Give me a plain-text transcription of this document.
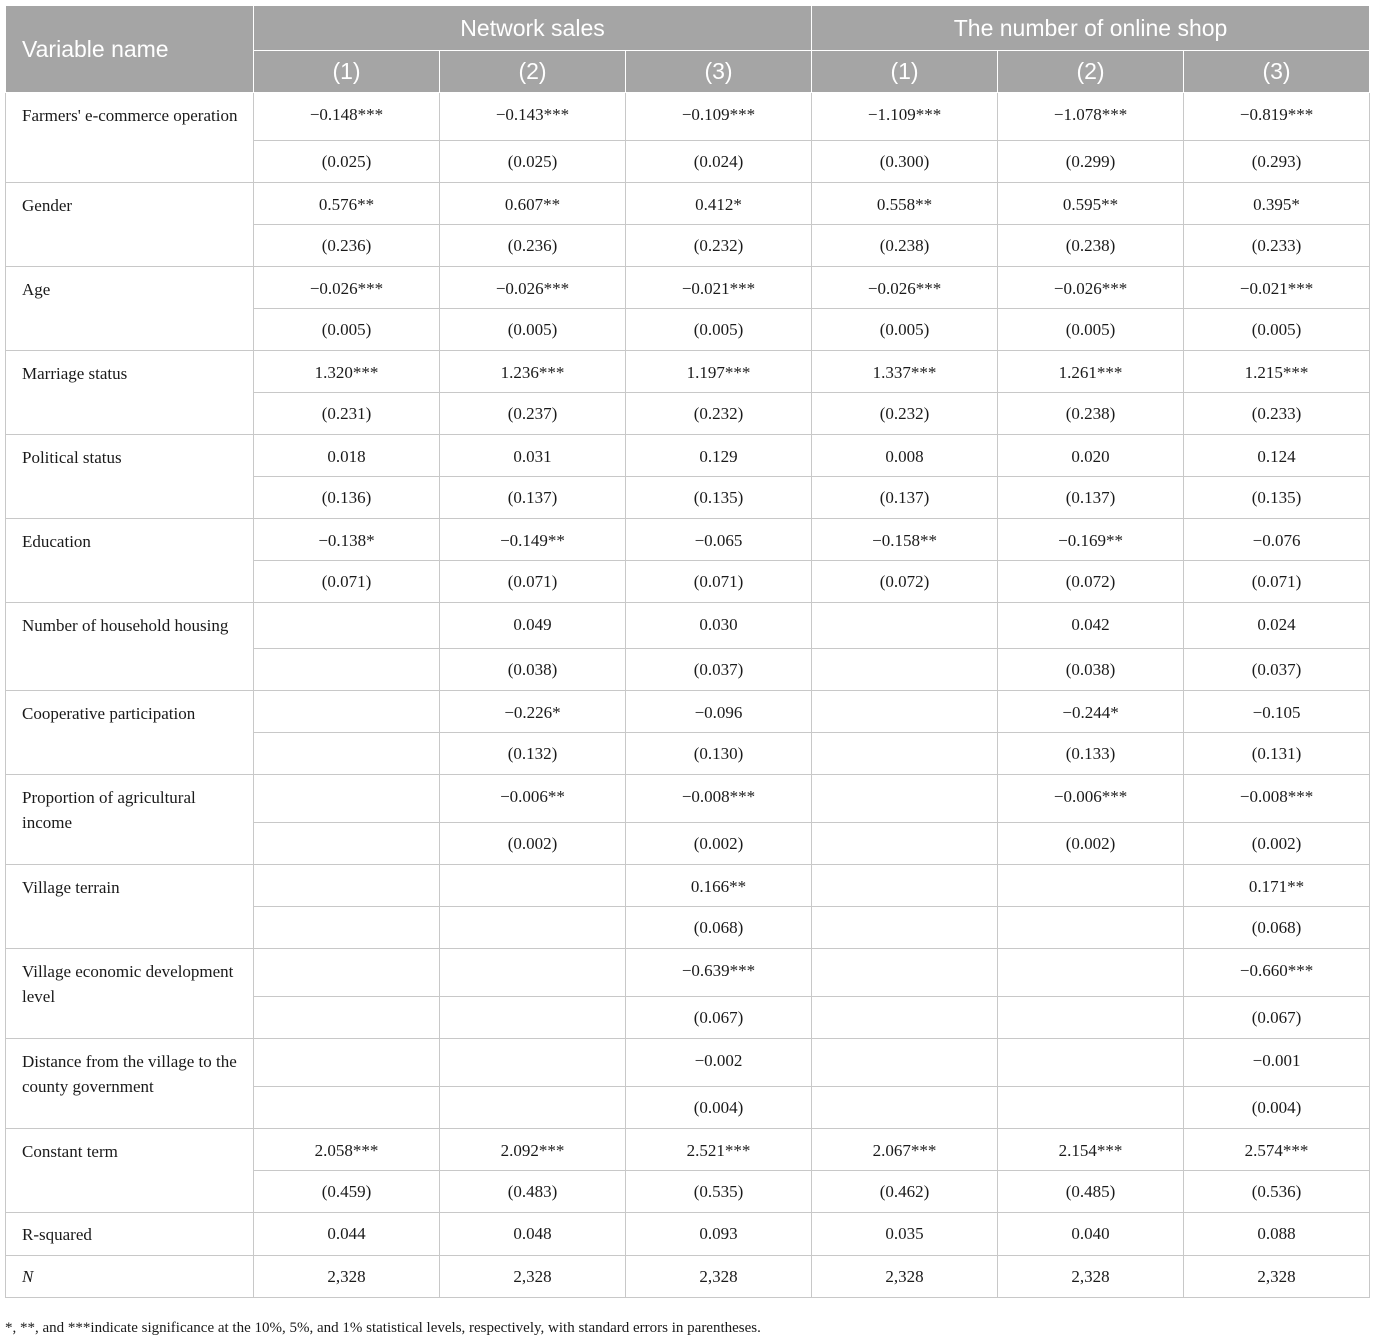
Variable name	Network sales			The number of online shop		
	(1)	(2)	(3)	(1)	(2)	(3)
Farmers' e-commerce operation	−0.148***	−0.143***	−0.109***	−1.109***	−1.078***	−0.819***
	(0.025)	(0.025)	(0.024)	(0.300)	(0.299)	(0.293)
Gender	0.576**	0.607**	0.412*	0.558**	0.595**	0.395*
	(0.236)	(0.236)	(0.232)	(0.238)	(0.238)	(0.233)
Age	−0.026***	−0.026***	−0.021***	−0.026***	−0.026***	−0.021***
	(0.005)	(0.005)	(0.005)	(0.005)	(0.005)	(0.005)
Marriage status	1.320***	1.236***	1.197***	1.337***	1.261***	1.215***
	(0.231)	(0.237)	(0.232)	(0.232)	(0.238)	(0.233)
Political status	0.018	0.031	0.129	0.008	0.020	0.124
	(0.136)	(0.137)	(0.135)	(0.137)	(0.137)	(0.135)
Education	−0.138*	−0.149**	−0.065	−0.158**	−0.169**	−0.076
	(0.071)	(0.071)	(0.071)	(0.072)	(0.072)	(0.071)
Number of household housing		0.049	0.030		0.042	0.024
		(0.038)	(0.037)		(0.038)	(0.037)
Cooperative participation		−0.226*	−0.096		−0.244*	−0.105
		(0.132)	(0.130)		(0.133)	(0.131)
Proportion of agricultural income		−0.006**	−0.008***		−0.006***	−0.008***
		(0.002)	(0.002)		(0.002)	(0.002)
Village terrain			0.166**			0.171**
			(0.068)			(0.068)
Village economic development level			−0.639***			−0.660***
			(0.067)			(0.067)
Distance from the village to the county government			−0.002			−0.001
			(0.004)			(0.004)
Constant term	2.058***	2.092***	2.521***	2.067***	2.154***	2.574***
	(0.459)	(0.483)	(0.535)	(0.462)	(0.485)	(0.536)
R-squared	0.044	0.048	0.093	0.035	0.040	0.088
N	2,328	2,328	2,328	2,328	2,328	2,328

*, **, and ***indicate significance at the 10%, 5%, and 1% statistical levels, respectively, with standard errors in parentheses.
